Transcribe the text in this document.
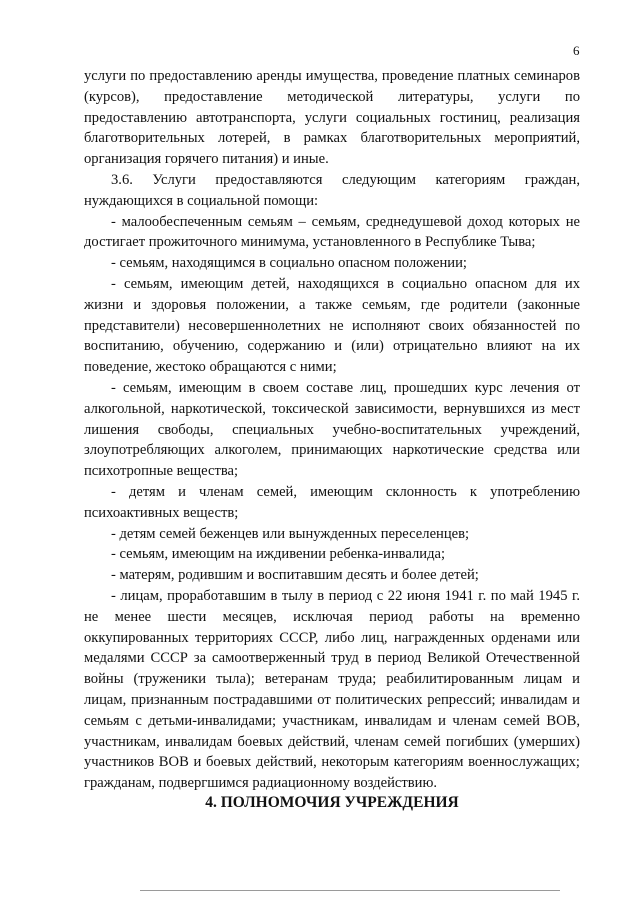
6

услуги по предоставлению аренды имущества, проведение платных семинаров (курсов), предоставление методической литературы, услуги по предоставлению автотранспорта, услуги социальных гостиниц, реализация благотворительных лотерей, в рамках благотворительных мероприятий, организация горячего питания) и иные.

3.6. Услуги предоставляются следующим категориям граждан, нуждающихся в социальной помощи:

- малообеспеченным семьям – семьям, среднедушевой доход которых не достигает прожиточного минимума, установленного в Республике Тыва;

- семьям, находящимся в социально опасном положении;

- семьям, имеющим детей, находящихся в социально опасном для их жизни и здоровья положении, а также семьям, где родители (законные представители) несовершеннолетних не исполняют своих обязанностей по воспитанию, обучению, содержанию и (или) отрицательно влияют на их поведение, жестоко обращаются с ними;

- семьям, имеющим в своем составе лиц, прошедших курс лечения от алкогольной, наркотической, токсической зависимости, вернувшихся из мест лишения свободы, специальных учебно-воспитательных учреждений, злоупотребляющих алкоголем, принимающих наркотические средства или психотропные вещества;

- детям и членам семей, имеющим склонность к употреблению психоактивных веществ;

- детям семей беженцев или вынужденных переселенцев;

- семьям, имеющим на иждивении ребенка-инвалида;

- матерям, родившим и воспитавшим десять и более детей;

- лицам, проработавшим в тылу в период с 22 июня 1941 г. по май 1945 г. не менее шести месяцев, исключая период работы на временно оккупированных территориях СССР, либо лиц, награжденных орденами или медалями СССР за самоотверженный труд в период Великой Отечественной войны (труженики тыла); ветеранам труда; реабилитированным лицам и лицам, признанным пострадавшими от политических репрессий; инвалидам и семьям с детьми-инвалидами; участникам, инвалидам и членам семей ВОВ, участникам, инвалидам боевых действий, членам семей погибших (умерших) участников ВОВ и боевых действий, некоторым категориям военнослужащих; гражданам, подвергшимся радиационному воздействию.

4. ПОЛНОМОЧИЯ УЧРЕЖДЕНИЯ
